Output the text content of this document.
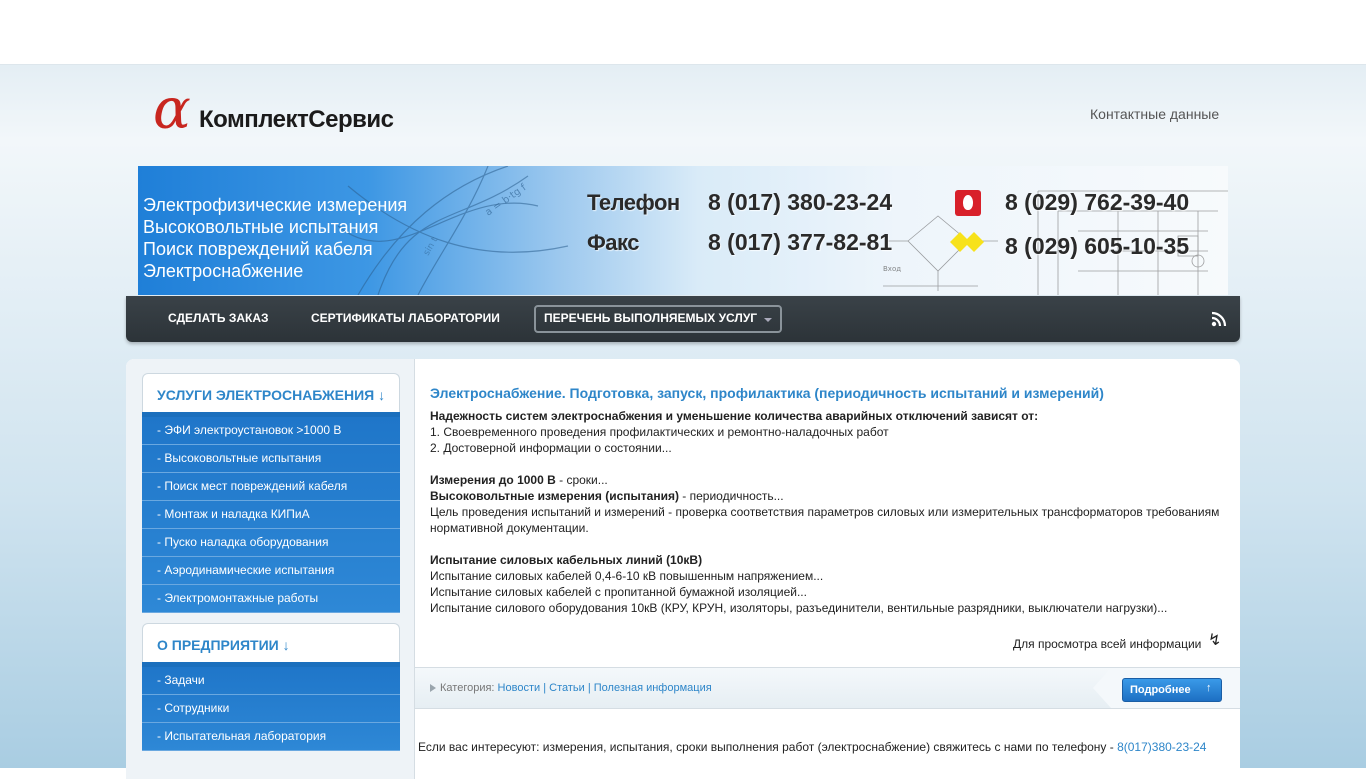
α КомплектСервис	Контактные данные
a = b·tg f
sin t
Вход
Электрофизические измерения
Высоковольтные испытания
Поиск повреждений кабеля
Электроснабжение
Телефон 8 (017) 380-23-24
Факс	8 (017) 377-82-81
8 (029) 762-39-40
8 (029) 605-10-35
СДЕЛАТЬ ЗАКАЗ	СЕРТИФИКАТЫ ЛАБОРАТОРИИ	ПЕРЕЧЕНЬ ВЫПОЛНЯЕМЫХ УСЛУГ
УСЛУГИ ЭЛЕКТРОСНАБЖЕНИЯ ↓
- ЭФИ электроустановок >1000 В
- Высоковольтные испытания
- Поиск мест повреждений кабеля
- Монтаж и наладка КИПиА
- Пуско наладка оборудования
- Аэродинамические испытания
- Электромонтажные работы
О ПРЕДПРИЯТИИ ↓
- Задачи
- Сотрудники
- Испытательная лаборатория
Электроснабжение. Подготовка, запуск, профилактика (периодичность испытаний и измерений)

Надежность систем электроснабжения и уменьшение количества аварийных отключений зависят от:

1. Своевременного проведения профилактических и ремонтно-наладочных работ

2. Достоверной информации о состоянии...

Измерения до 1000 В - сроки...

Высоковольтные измерения (испытания) - периодичность...

Цель проведения испытаний и измерений - проверка соответствия параметров силовых или измерительных трансформаторов требованиям нормативной документации.

Испытание силовых кабельных линий (10кВ)

Испытание силовых кабелей 0,4-6-10 кВ повышенным напряжением...

Испытание силовых кабелей с пропитанной бумажной изоляцией...

Испытание силового оборудования 10кВ (КРУ, КРУН, изоляторы, разъединители, вентильные разрядники, выключатели нагрузки)...

Для просмотра всей информации ↯
Категория: Новости | Статьи | Полезная информация	Подробнее ↑
Если вас интересуют: измерения, испытания, сроки выполнения работ (электроснабжение) свяжитесь с нами по телефону - 8(017)380-23-24
